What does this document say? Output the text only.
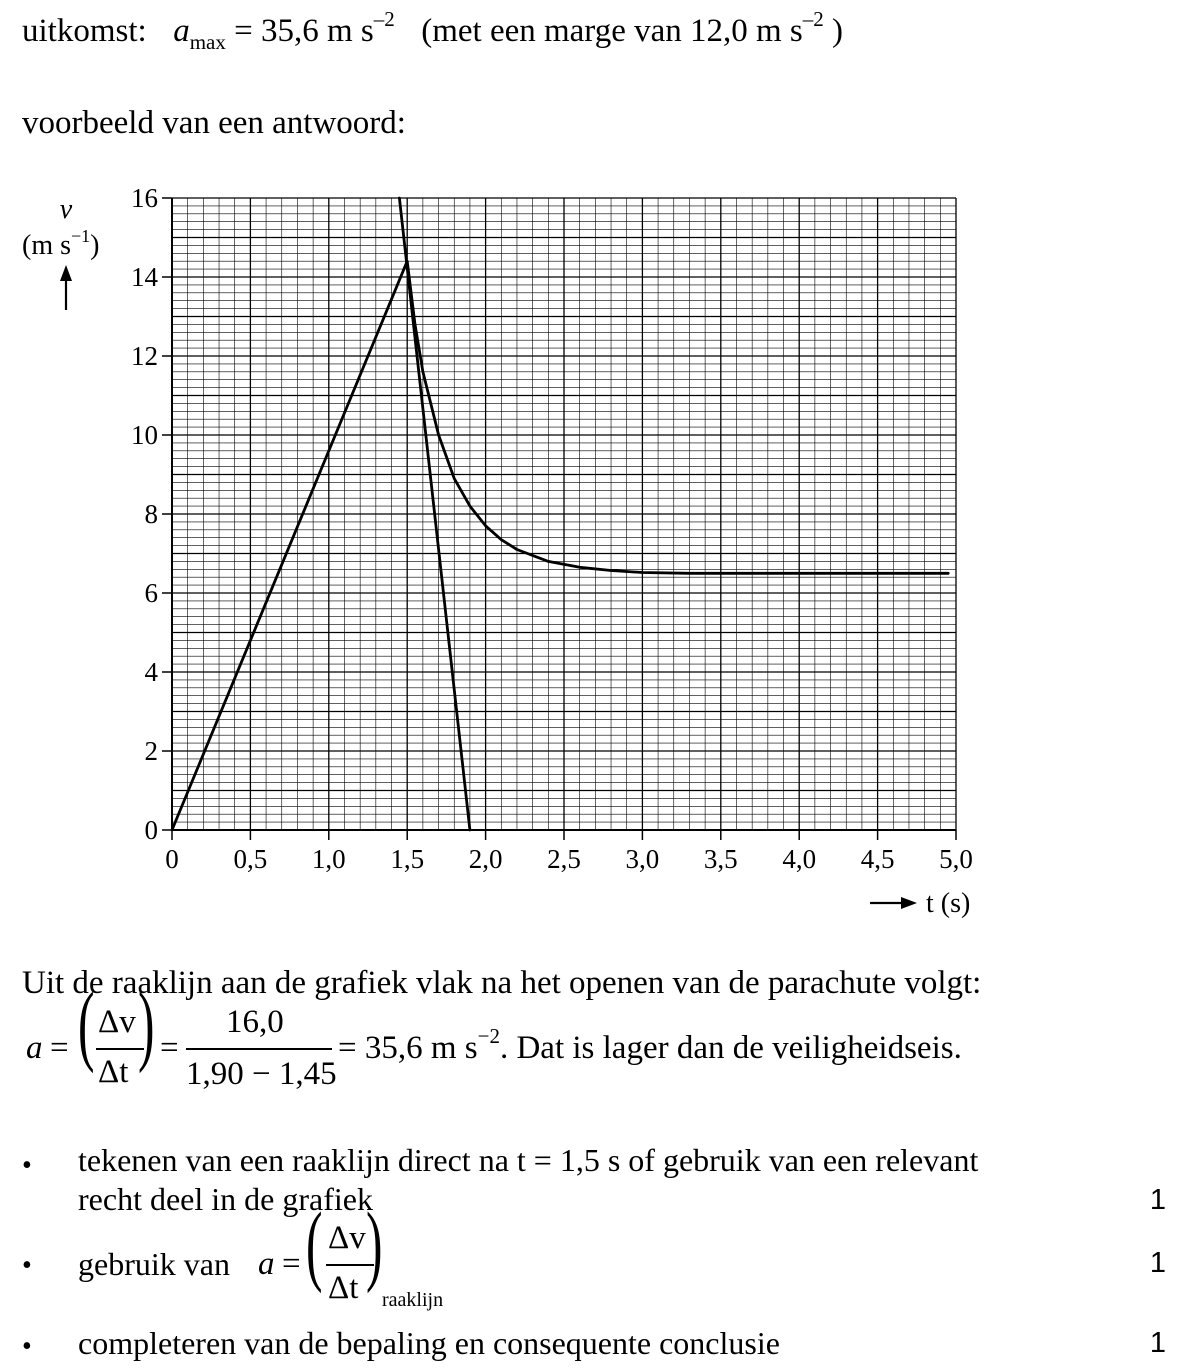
uitkomst: $a_{max} = 35,6$ m $s^{-2}$ (met een marge van 12,0 m $s^{-2}$ )
voorbeeld van een antwoord:
0 0,5 1,0 1,5 2,0 2,5 3,0 3,5 4,0 4,5 5,0
0
2
4
6
8
10
12
14
16
v
(m $s^{-1}$)
t (s)
Uit de raaklijn aan de grafiek vlak na het openen van de parachute volgt:
a = ( Δv
Δt ) =
16,0
1,90 − 1,45
= 35,6 m $s^{-2}$. Dat is lager dan de veiligheidseis.
• tekenen van een raaklijn direct na t = 1,5 s of gebruik van een relevant
recht deel in de grafiek	1
• gebruik van a = ( Δv
Δt )
raaklijn
1
• completeren van de bepaling en consequente conclusie	1
